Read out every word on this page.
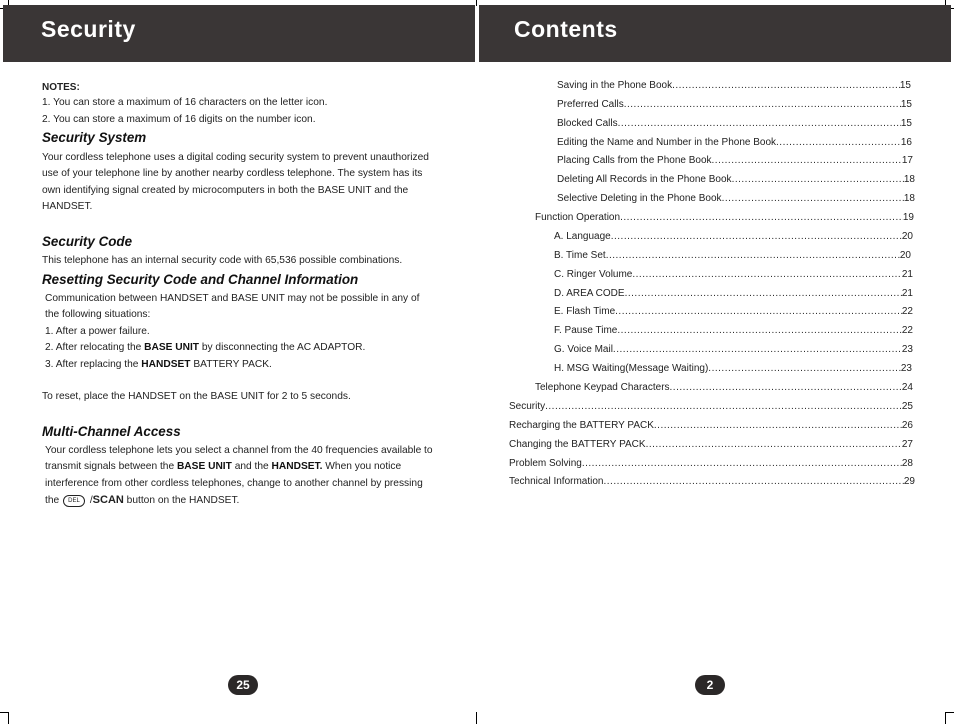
Security	Contents
NOTES:
1. You can store a maximum of 16 characters on the letter icon.
2. You can store a maximum of 16 digits on the number icon.
Security System

Your cordless telephone uses a digital coding security system to prevent unauthorized

use of your telephone line by another nearby cordless telephone. The system has its

own identifying signal created by microcomputers in both the BASE UNIT and the

HANDSET.

Security Code
This telephone has an internal security code with 65,536 possible combinations.
Resetting Security Code and Channel Information

Communication between HANDSET and BASE UNIT may not be possible in any of

the following situations:

1. After a power failure.

2. After relocating the BASE UNIT by disconnecting the AC ADAPTOR.

3. After replacing the HANDSET BATTERY PACK.

To reset, place the HANDSET on the BASE UNIT for 2 to 5 seconds.
Multi-Channel Access

Your cordless telephone lets you select a channel from the 40 frequencies available to

transmit signals between the BASE UNIT and the HANDSET. When you notice

interference from other cordless telephones, change to another channel by pressing

the DEL /SCAN button on the HANDSET.

25
Saving in the Phone Book .....	15
Preferred Calls .....	15
Blocked Calls .....	15
Editing the Name and Number in the Phone Book .....	16
Placing Calls from the Phone Book .....	17
Deleting All Records in the Phone Book .....	18
Selective Deleting in the Phone Book .....	18
Function Operation .....	19
A. Language .....	20
B. Time Set .....	20
C. Ringer Volume .....	21
D. AREA CODE .....	21
E. Flash Time .....	22
F. Pause Time .....	22
G. Voice Mail .....	23
H. MSG Waiting(Message Waiting) .....	23
Telephone Keypad Characters .....	24
Security .....	25
Recharging the BATTERY PACK .....	26
Changing the BATTERY PACK .....	27
Problem Solving .....	28
Technical Information .....	29
2
